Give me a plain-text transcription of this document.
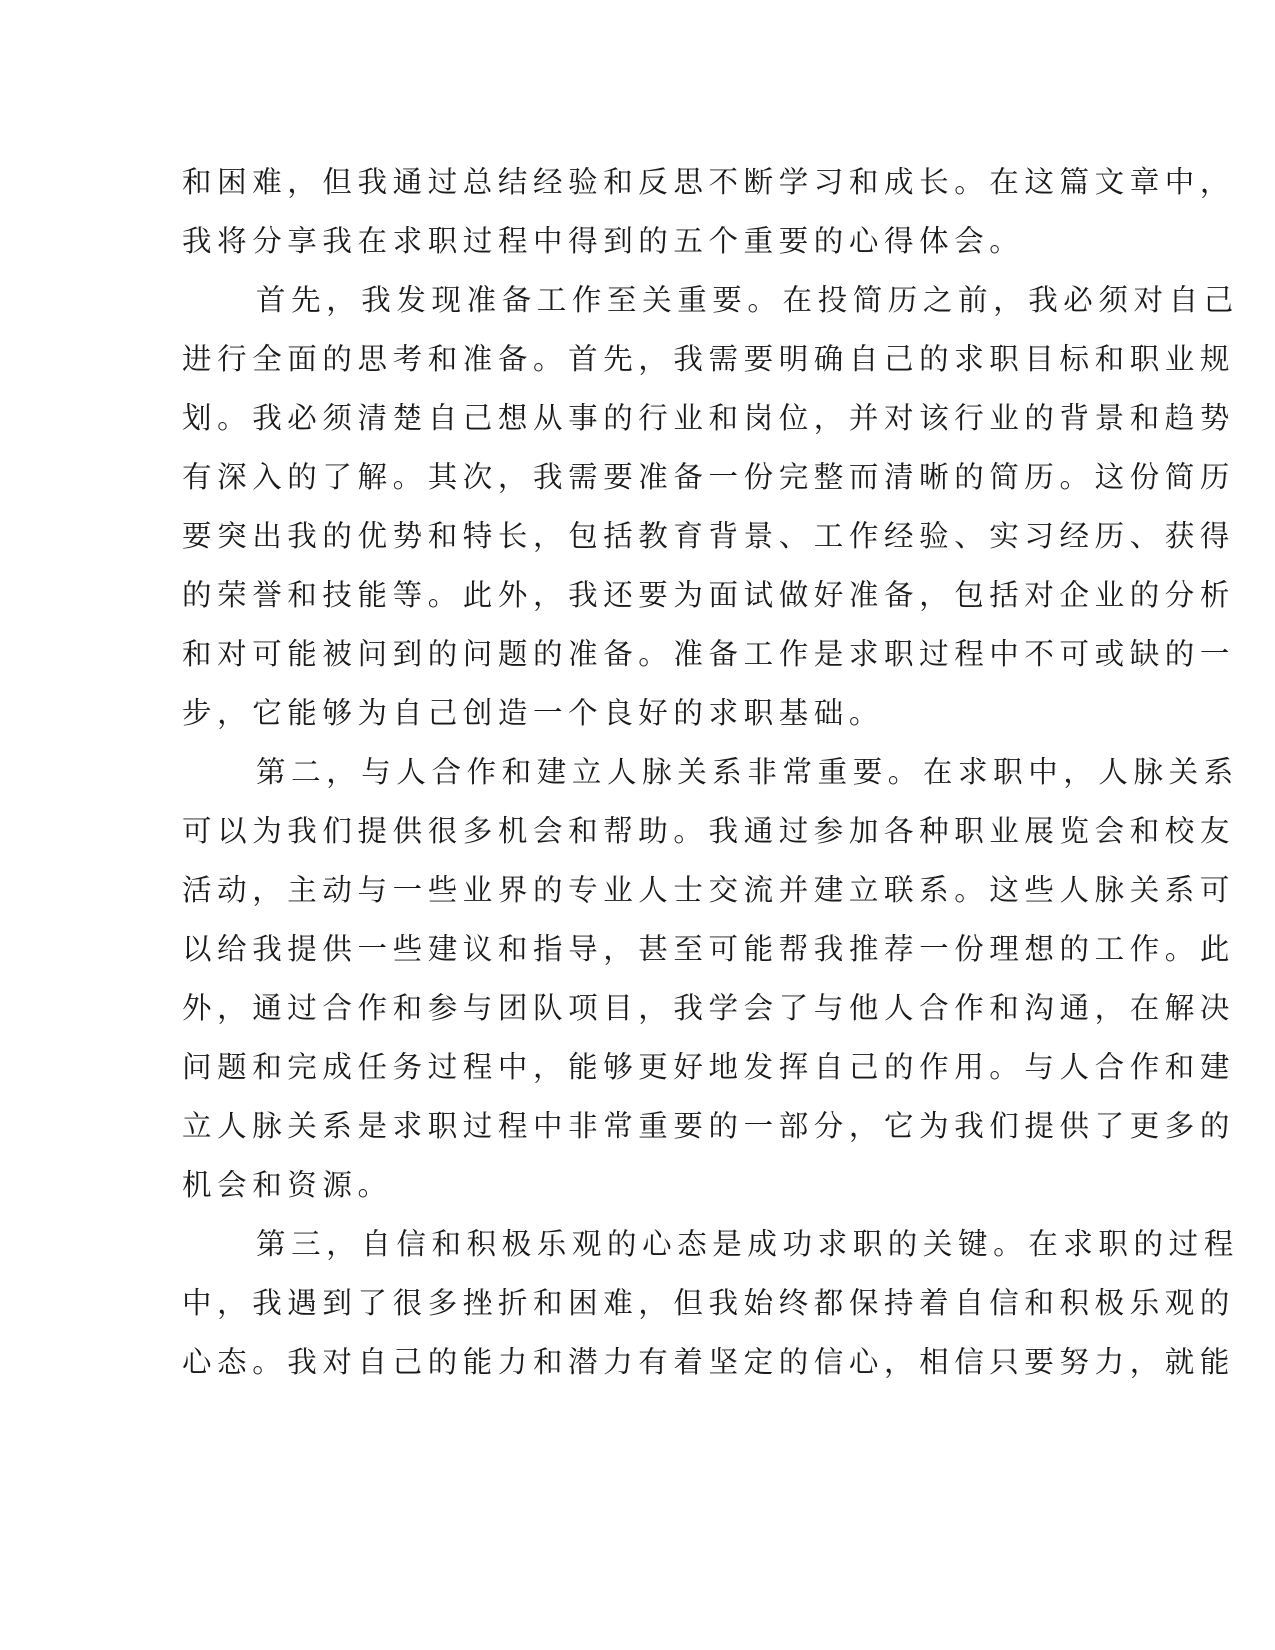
和困难，但我通过总结经验和反思不断学习和成长。在这篇文章中，
我将分享我在求职过程中得到的五个重要的心得体会。
首先，我发现准备工作至关重要。在投简历之前，我必须对自己
进行全面的思考和准备。首先，我需要明确自己的求职目标和职业规
划。我必须清楚自己想从事的行业和岗位，并对该行业的背景和趋势
有深入的了解。其次，我需要准备一份完整而清晰的简历。这份简历
要突出我的优势和特长，包括教育背景、工作经验、实习经历、获得
的荣誉和技能等。此外，我还要为面试做好准备，包括对企业的分析
和对可能被问到的问题的准备。准备工作是求职过程中不可或缺的一
步，它能够为自己创造一个良好的求职基础。
第二，与人合作和建立人脉关系非常重要。在求职中，人脉关系
可以为我们提供很多机会和帮助。我通过参加各种职业展览会和校友
活动，主动与一些业界的专业人士交流并建立联系。这些人脉关系可
以给我提供一些建议和指导，甚至可能帮我推荐一份理想的工作。此
外，通过合作和参与团队项目，我学会了与他人合作和沟通，在解决
问题和完成任务过程中，能够更好地发挥自己的作用。与人合作和建
立人脉关系是求职过程中非常重要的一部分，它为我们提供了更多的
机会和资源。
第三，自信和积极乐观的心态是成功求职的关键。在求职的过程
中，我遇到了很多挫折和困难，但我始终都保持着自信和积极乐观的
心态。我对自己的能力和潜力有着坚定的信心，相信只要努力，就能
